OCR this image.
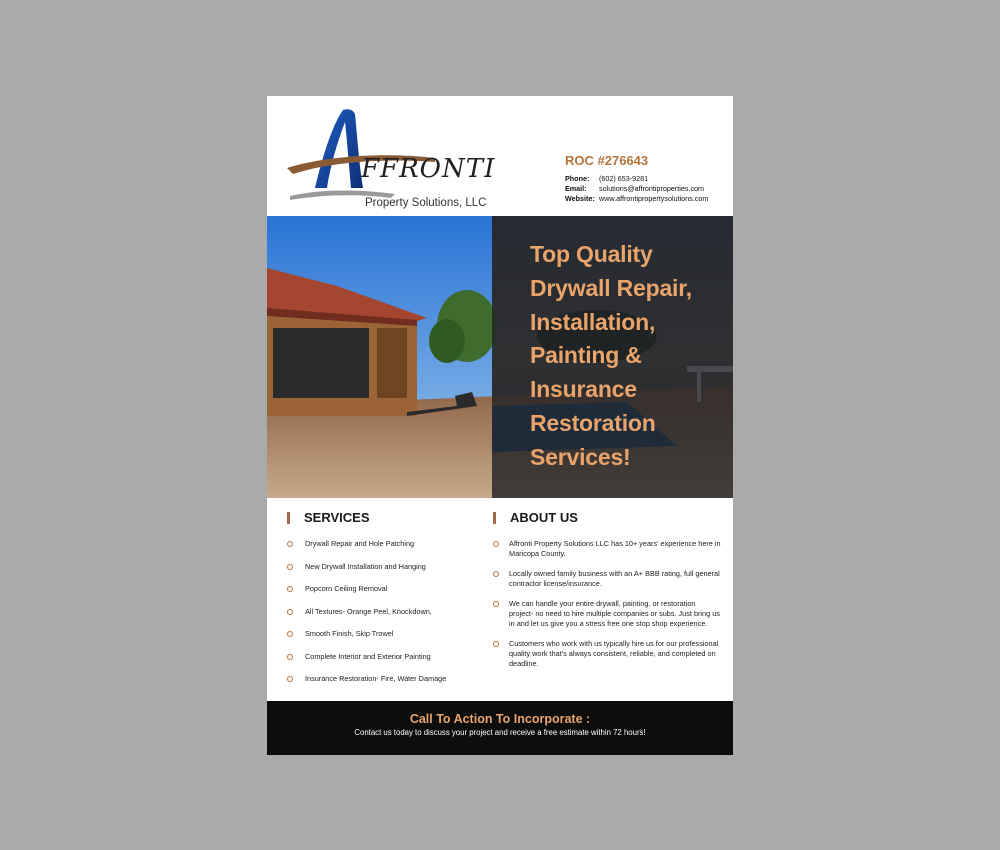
FFRONTI
Property Solutions, LLC
ROC #276643
Phone:	(602) 653-9281
Email:	solutions@affrontiproperties.com
Website: www.affrontipropertysolutions.com
Top Quality
Drywall Repair,
Installation,
Painting &
Insurance
Restoration
Services!
SERVICES
Drywall Repair and Hole Patching
New Drywall Installation and Hanging
Popcorn Ceiling Removal
All Textures- Orange Peel, Knockdown,
Smooth Finish, Skip Trowel
Complete Interior and Exterior Painting
Insurance Restoration- Fire, Water Damage
ABOUT US
Affronti Property Solutions LLC has 10+ years' experience here in Maricopa County.
Locally owned family business with an A+ BBB rating, full general contractor license/insurance.
We can handle your entire drywall, painting, or restoration project- no need to hire multiple companies or subs. Just bring us in and let us give you a stress free one stop shop experience.
Customers who work with us typically hire us for our professional quality work that's always consistent, reliable, and completed on deadline.
Call To Action To Incorporate :
Contact us today to discuss your project and receive a free estimate within 72 hours!
